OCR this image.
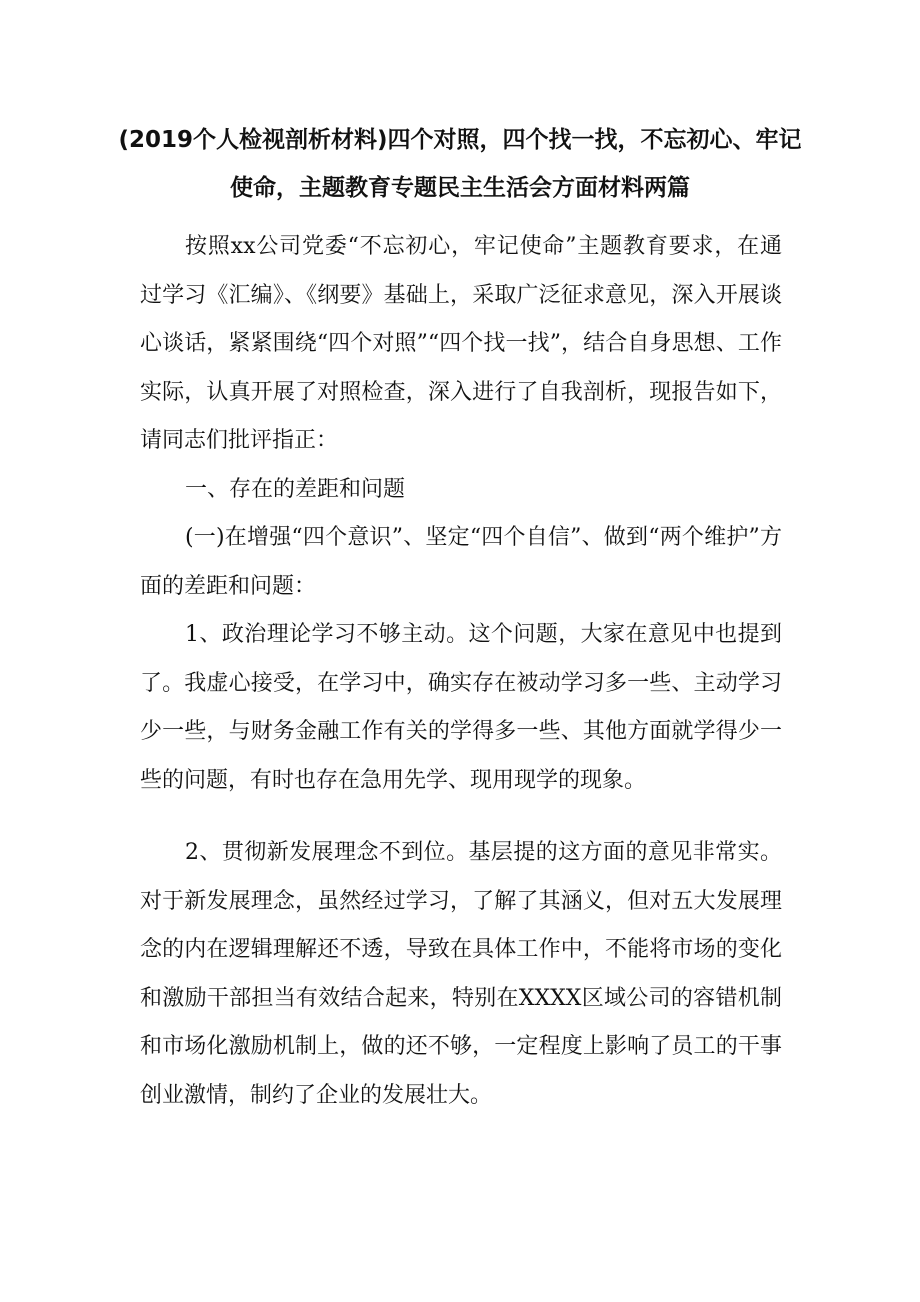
(2019个人检视剖析材料)四个对照，四个找一找，不忘初心、牢记使命，主题教育专题民主生活会方面材料两篇

按照xx公司党委“不忘初心，牢记使命”主题教育要求，在通过学习《汇编》、《纲要》基础上，采取广泛征求意见，深入开展谈心谈话，紧紧围绕“四个对照”“四个找一找”，结合自身思想、工作实际，认真开展了对照检查，深入进行了自我剖析，现报告如下，请同志们批评指正：

一、存在的差距和问题

(一)在增强“四个意识”、坚定“四个自信”、做到“两个维护”方面的差距和问题：

1、政治理论学习不够主动。这个问题，大家在意见中也提到了。我虚心接受，在学习中，确实存在被动学习多一些、主动学习少一些，与财务金融工作有关的学得多一些、其他方面就学得少一些的问题，有时也存在急用先学、现用现学的现象。

2、贯彻新发展理念不到位。基层提的这方面的意见非常实。对于新发展理念，虽然经过学习，了解了其涵义，但对五大发展理念的内在逻辑理解还不透，导致在具体工作中，不能将市场的变化和激励干部担当有效结合起来，特别在XXXX区域公司的容错机制和市场化激励机制上，做的还不够，一定程度上影响了员工的干事创业激情，制约了企业的发展壮大。
